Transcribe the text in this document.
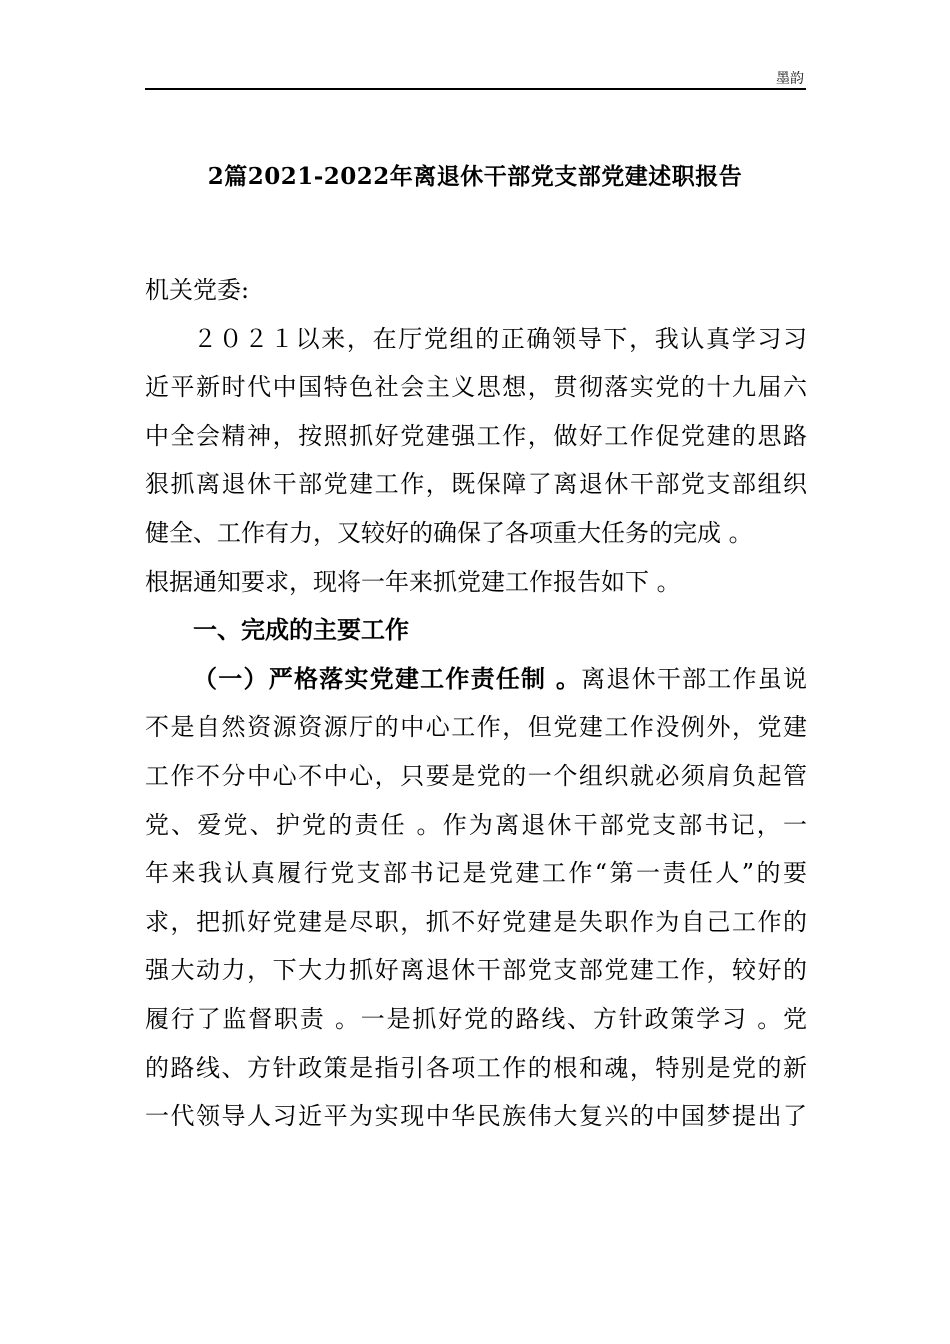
墨韵
2篇2021-2022年离退休干部党支部党建述职报告
机关党委:
２０２１以来，在厅党组的正确领导下，我认真学习习
近平新时代中国特色社会主义思想，贯彻落实党的十九届六
中全会精神，按照抓好党建强工作，做好工作促党建的思路
狠抓离退休干部党建工作，既保障了离退休干部党支部组织
健全、工作有力，又较好的确保了各项重大任务的完成 。
根据通知要求，现将一年来抓党建工作报告如下 。
一、完成的主要工作
（一）严格落实党建工作责任制 。离退休干部工作虽说
不是自然资源资源厅的中心工作，但党建工作没例外，党建
工作不分中心不中心，只要是党的一个组织就必须肩负起管
党、爱党、护党的责任 。作为离退休干部党支部书记，一
年来我认真履行党支部书记是党建工作“第一责任人”的要
求，把抓好党建是尽职，抓不好党建是失职作为自己工作的
强大动力，下大力抓好离退休干部党支部党建工作，较好的
履行了监督职责 。一是抓好党的路线、方针政策学习 。党
的路线、方针政策是指引各项工作的根和魂，特别是党的新
一代领导人习近平为实现中华民族伟大复兴的中国梦提出了
